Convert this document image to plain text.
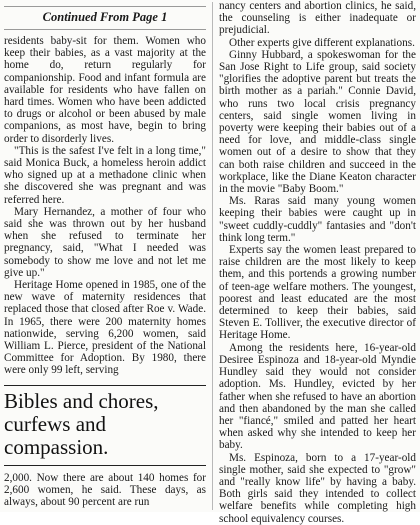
Continued From Page 1

residents baby-sit for them. Women who keep their babies, as a vast majority at the home do, return regularly for companionship. Food and infant formula are available for residents who have fallen on hard times. Women who have been addicted to drugs or alcohol or been abused by male companions, as most have, begin to bring order to disorderly lives.

"This is the safest I've felt in a long time," said Monica Buck, a homeless heroin addict who signed up at a methadone clinic when she discovered she was pregnant and was referred here.

Mary Hernandez, a mother of four who said she was thrown out by her husband when she refused to terminate her pregnancy, said, "What I needed was somebody to show me love and not let me give up."

Heritage Home opened in 1985, one of the new wave of maternity residences that replaced those that closed after Roe v. Wade. In 1965, there were 200 maternity homes nationwide, serving 6,200 women, said William L. Pierce, president of the National Committee for Adoption. By 1980, there were only 99 left, serving

Bibles and chores, curfews and compassion.

2,000. Now there are about 140 homes for 2,600 women, he said. These days, as always, about 90 percent are run

nancy centers and abortion clinics, he said, the counseling is either inadequate or prejudicial.

Other experts give different explanations.

Ginny Hubbard, a spokeswoman for the San Jose Right to Life group, said society "glorifies the adoptive parent but treats the birth mother as a pariah." Connie David, who runs two local crisis pregnancy centers, said single women living in poverty were keeping their babies out of a need for love, and middle-class single women out of a desire to show that they can both raise children and succeed in the workplace, like the Diane Keaton character in the movie "Baby Boom."

Ms. Raras said many young women keeping their babies were caught up in "sweet cuddly-cuddly" fantasies and "don't think long term."

Experts say the women least prepared to raise children are the most likely to keep them, and this portends a growing number of teen-age welfare mothers. The youngest, poorest and least educated are the most determined to keep their babies, said Steven E. Tolliver, the executive director of Heritage Home.

Among the residents here, 16-year-old Desiree Espinoza and 18-year-old Myndie Hundley said they would not consider adoption. Ms. Hundley, evicted by her father when she refused to have an abortion and then abandoned by the man she called her "fiancé," smiled and patted her heart when asked why she intended to keep her baby.

Ms. Espinoza, born to a 17-year-old single mother, said she expected to "grow" and "really know life" by having a baby. Both girls said they intended to collect welfare benefits while completing high school equivalency courses.
